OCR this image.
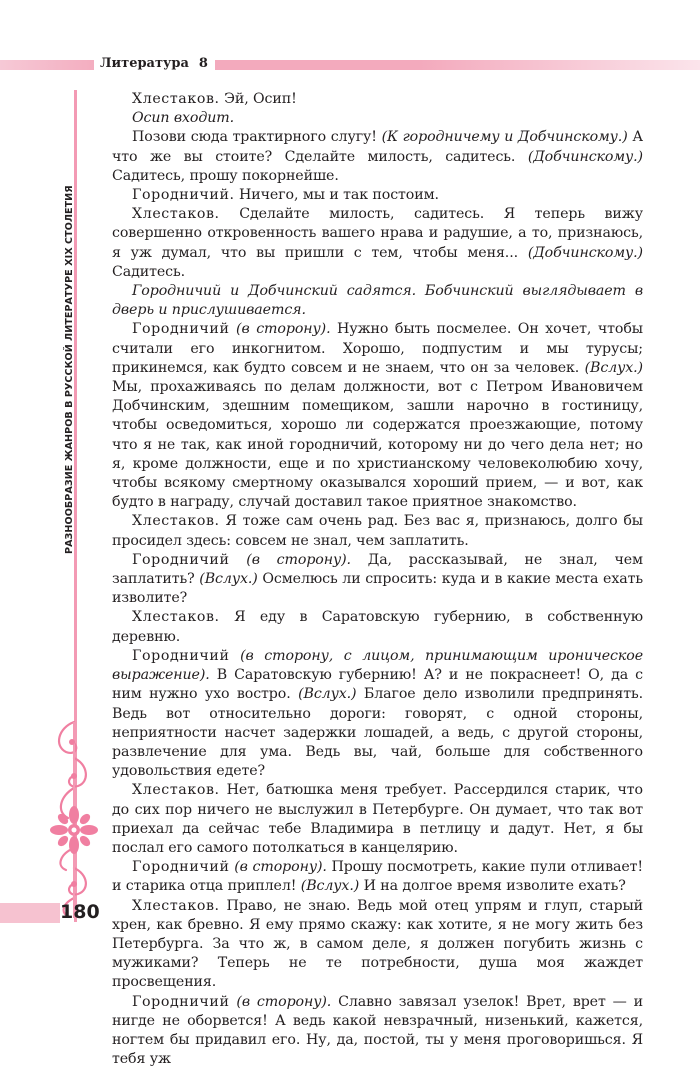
Литература 8
РАЗНООБРАЗИЕ ЖАНРОВ В РУССКОЙ ЛИТЕРАТУРЕ XIX СТОЛЕТИЯ
180

Хлестаков. Эй, Осип!

Осип входит.

Позови сюда трактирного слугу! (К городничему и Добчинскому.) А что же вы стоите? Сделайте милость, садитесь. (Добчинскому.) Садитесь, прошу покорнейше.

Городничий. Ничего, мы и так постоим.

Хлестаков. Сделайте милость, садитесь. Я теперь вижу совершенно откровенность вашего нрава и радушие, а то, признаюсь, я уж думал, что вы пришли с тем, чтобы меня... (Добчинскому.) Садитесь.

Городничий и Добчинский садятся. Бобчинский выглядывает в дверь и прислушивается.

Городничий (в сторону). Нужно быть посмелее. Он хочет, чтобы считали его инкогнитом. Хорошо, подпустим и мы турусы; прикинемся, как будто совсем и не знаем, что он за человек. (Вслух.) Мы, прохаживаясь по делам должности, вот с Петром Ивановичем Добчинским, здешним помещиком, зашли нарочно в гостиницу, чтобы осведомиться, хорошо ли содержатся проезжающие, потому что я не так, как иной городничий, которому ни до чего дела нет; но я, кроме должности, еще и по христианскому человеколюбию хочу, чтобы всякому смертному оказывался хороший прием, — и вот, как будто в награду, случай доставил такое приятное знакомство.

Хлестаков. Я тоже сам очень рад. Без вас я, признаюсь, долго бы просидел здесь: совсем не знал, чем заплатить.

Городничий (в сторону). Да, рассказывай, не знал, чем заплатить? (Вслух.) Осмелюсь ли спросить: куда и в какие места ехать изволите?

Хлестаков. Я еду в Саратовскую губернию, в собственную деревню.

Городничий (в сторону, с лицом, принимающим ироническое выражение). В Саратовскую губернию! А? и не покраснеет! О, да с ним нужно ухо востро. (Вслух.) Благое дело изволили предпринять. Ведь вот относительно дороги: говорят, с одной стороны, неприятности насчет задержки лошадей, а ведь, с другой стороны, развлечение для ума. Ведь вы, чай, больше для собственного удовольствия едете?

Хлестаков. Нет, батюшка меня требует. Рассердился старик, что до сих пор ничего не выслужил в Петербурге. Он думает, что так вот приехал да сейчас тебе Владимира в петлицу и дадут. Нет, я бы послал его самого потолкаться в канцелярию.

Городничий (в сторону). Прошу посмотреть, какие пули отливает! и старика отца приплел! (Вслух.) И на долгое время изволите ехать?

Хлестаков. Право, не знаю. Ведь мой отец упрям и глуп, старый хрен, как бревно. Я ему прямо скажу: как хотите, я не могу жить без Петербурга. За что ж, в самом деле, я должен погубить жизнь с мужиками? Теперь не те потребности, душа моя жаждет просвещения.

Городничий (в сторону). Славно завязал узелок! Врет, врет — и нигде не оборвется! А ведь какой невзрачный, низенький, кажется, ногтем бы придавил его. Ну, да, постой, ты у меня проговоришься. Я тебя уж
